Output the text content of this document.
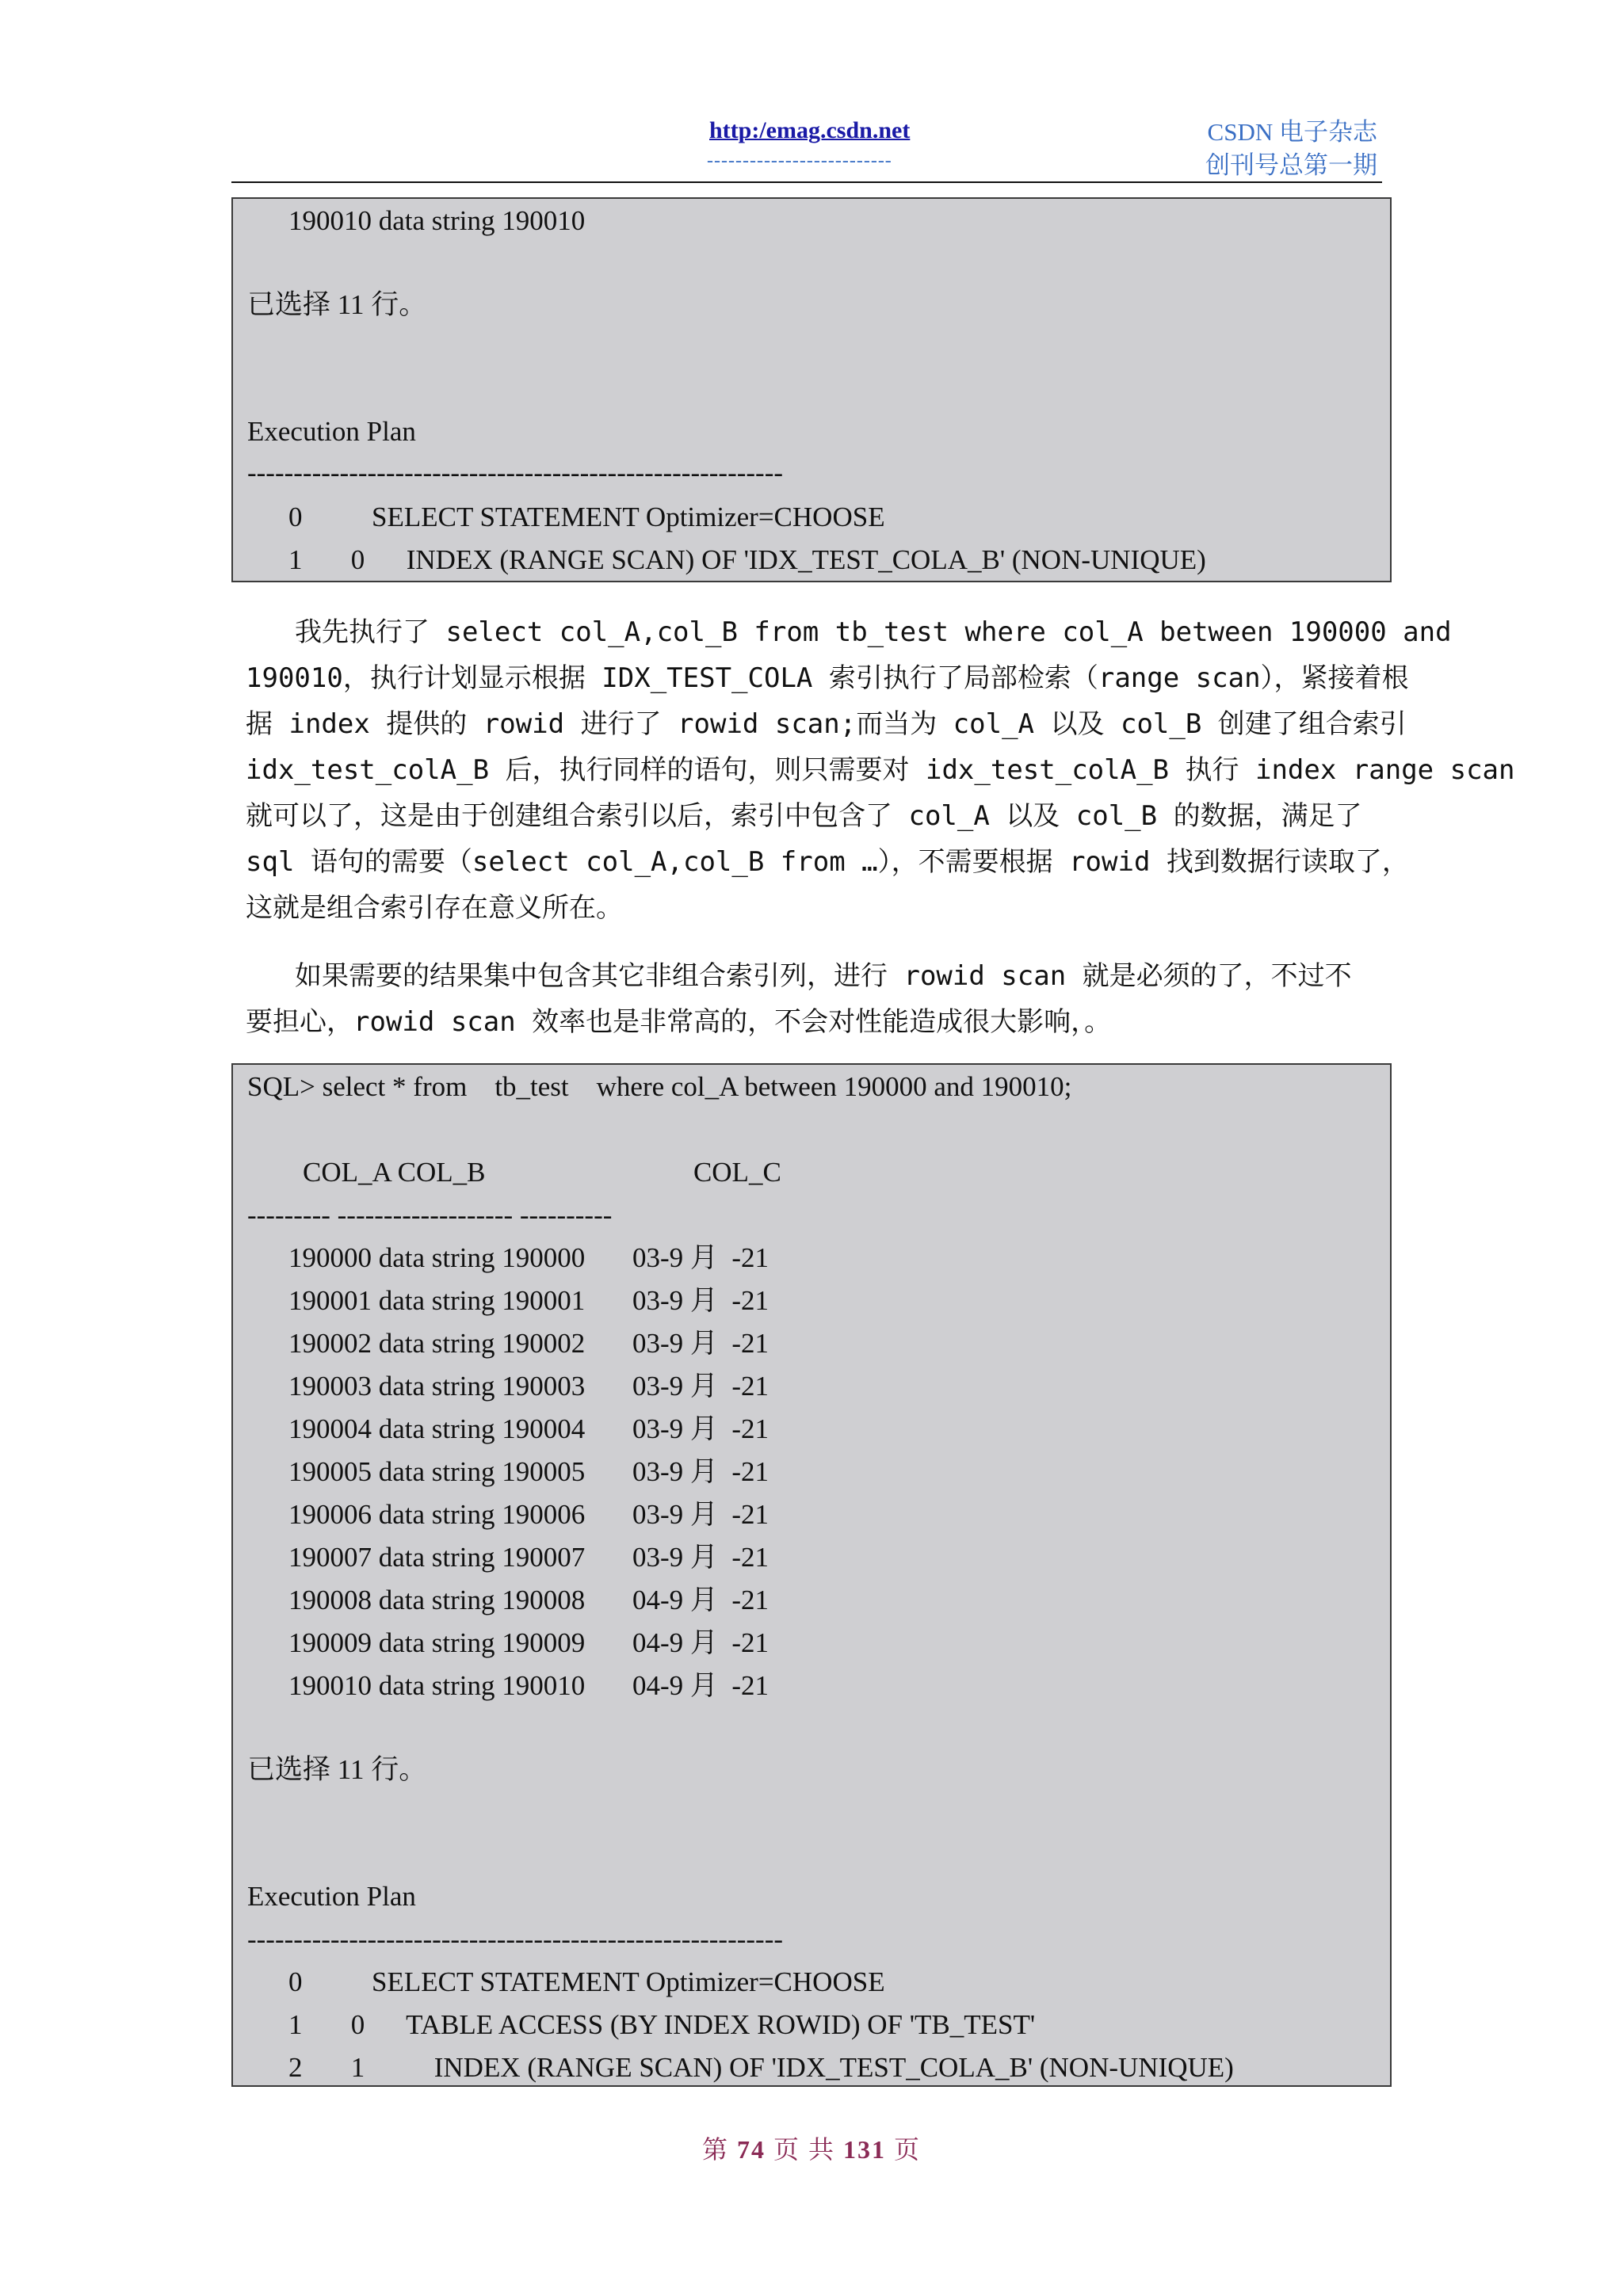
http:/emag.csdn.net
--------------------------
CSDN 电子杂志
创刊号总第一期
190010 data string 190010
已选择 11 行。
Execution Plan
----------------------------------------------------------
0          SELECT STATEMENT Optimizer=CHOOSE
1       0      INDEX (RANGE SCAN) OF 'IDX_TEST_COLA_B' (NON-UNIQUE)
我先执行了 select col_A,col_B from tb_test where col_A between 190000 and
190010，执行计划显示根据 IDX_TEST_COLA 索引执行了局部检索（range scan），紧接着根
据 index 提供的 rowid 进行了 rowid scan;而当为 col_A 以及 col_B 创建了组合索引
idx_test_colA_B 后，执行同样的语句，则只需要对 idx_test_colA_B 执行 index range scan
就可以了，这是由于创建组合索引以后，索引中包含了 col_A 以及 col_B 的数据，满足了
sql 语句的需要（select col_A,col_B from …），不需要根据 rowid 找到数据行读取了，
这就是组合索引存在意义所在。
如果需要的结果集中包含其它非组合索引列，进行 rowid scan 就是必须的了，不过不
要担心，rowid scan 效率也是非常高的，不会对性能造成很大影响，。
SQL> select * from    tb_test    where col_A between 190000 and 190010;
COL_A COL_B                              COL_C
--------- ------------------- ----------
190000 data string 190000 03-9 月  -21
190001 data string 190001 03-9 月  -21
190002 data string 190002 03-9 月  -21
190003 data string 190003 03-9 月  -21
190004 data string 190004 03-9 月  -21
190005 data string 190005 03-9 月  -21
190006 data string 190006 03-9 月  -21
190007 data string 190007 03-9 月  -21
190008 data string 190008 04-9 月  -21
190009 data string 190009 04-9 月  -21
190010 data string 190010 04-9 月  -21
已选择 11 行。
Execution Plan
----------------------------------------------------------
0          SELECT STATEMENT Optimizer=CHOOSE
1       0      TABLE ACCESS (BY INDEX ROWID) OF 'TB_TEST'
2       1          INDEX (RANGE SCAN) OF 'IDX_TEST_COLA_B' (NON-UNIQUE)
第 74 页 共 131 页
